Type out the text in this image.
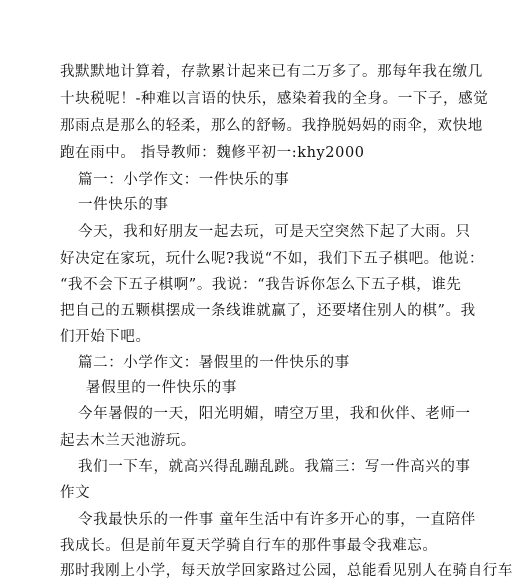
我默默地计算着，存款累计起来已有二万多了。那每年我在缴几
十块税呢！-种难以言语的快乐，感染着我的全身。一下子，感觉
那雨点是那么的轻柔，那么的舒畅。我挣脱妈妈的雨伞，欢快地
跑在雨中。 指导教师：魏修平初一:khy2000
篇一：小学作文：一件快乐的事
一件快乐的事
今天，我和好朋友一起去玩，可是天空突然下起了大雨。只
好决定在家玩，玩什么呢?我说“不如，我们下五子棋吧。他说：
“我不会下五子棋啊”。我说：“我告诉你怎么下五子棋，谁先
把自己的五颗棋摆成一条线谁就赢了，还要堵住别人的棋”。我
们开始下吧。
篇二：小学作文：暑假里的一件快乐的事
暑假里的一件快乐的事
今年暑假的一天，阳光明媚，晴空万里，我和伙伴、老师一
起去木兰天池游玩。
我们一下车，就高兴得乱蹦乱跳。我篇三：写一件高兴的事
作文
令我最快乐的一件事 童年生活中有许多开心的事，一直陪伴
我成长。但是前年夏天学骑自行车的那件事最令我难忘。
那时我刚上小学，每天放学回家路过公园，总能看见别人在骑自行车
